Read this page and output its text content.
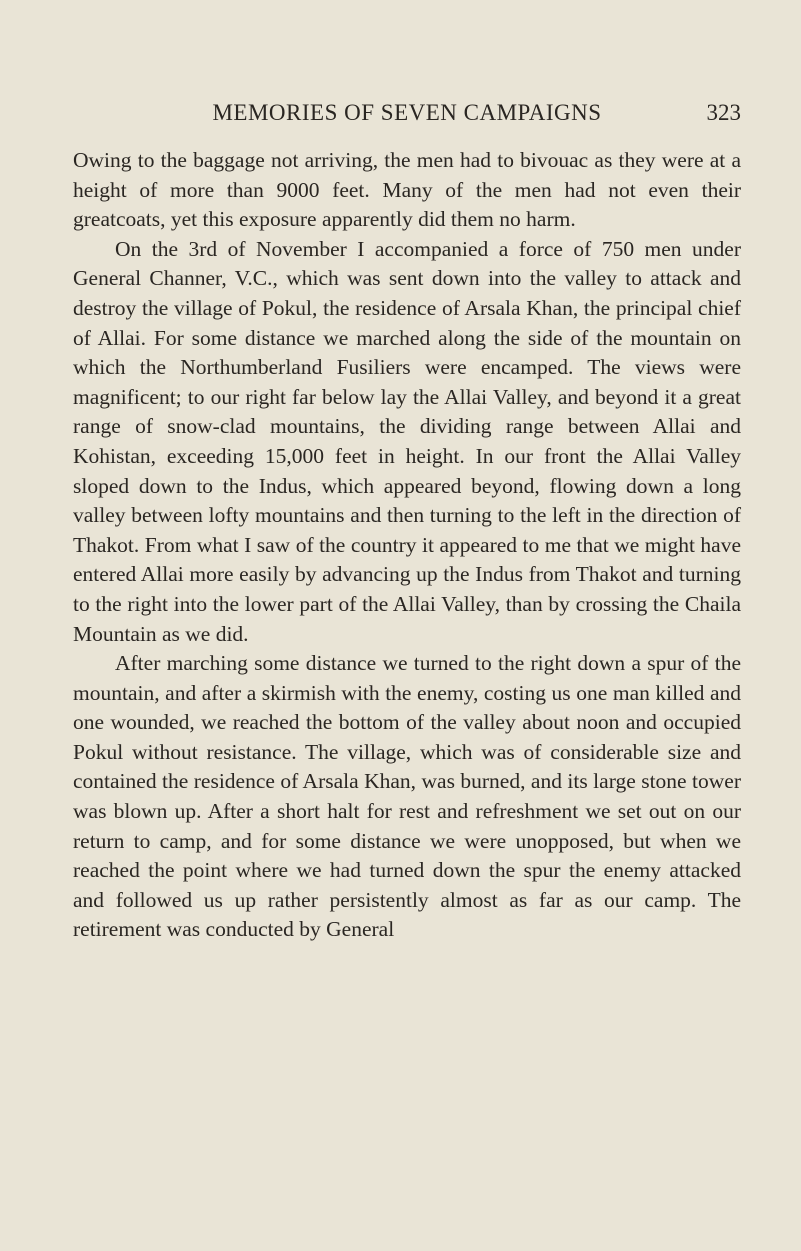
MEMORIES OF SEVEN CAMPAIGNS	323

Owing to the baggage not arriving, the men had to bivouac as they were at a height of more than 9000 feet. Many of the men had not even their greatcoats, yet this exposure apparently did them no harm.

On the 3rd of November I accompanied a force of 750 men under General Channer, V.C., which was sent down into the valley to attack and destroy the village of Pokul, the residence of Arsala Khan, the principal chief of Allai. For some distance we marched along the side of the mountain on which the Northumberland Fusiliers were encamped. The views were magnificent; to our right far below lay the Allai Valley, and beyond it a great range of snow-clad mountains, the dividing range between Allai and Kohistan, exceeding 15,000 feet in height. In our front the Allai Valley sloped down to the Indus, which appeared beyond, flowing down a long valley between lofty mountains and then turning to the left in the direction of Thakot. From what I saw of the country it appeared to me that we might have entered Allai more easily by advancing up the Indus from Thakot and turning to the right into the lower part of the Allai Valley, than by crossing the Chaila Mountain as we did.

After marching some distance we turned to the right down a spur of the mountain, and after a skirmish with the enemy, costing us one man killed and one wounded, we reached the bottom of the valley about noon and occupied Pokul without resistance. The village, which was of considerable size and contained the residence of Arsala Khan, was burned, and its large stone tower was blown up. After a short halt for rest and refreshment we set out on our return to camp, and for some distance we were unopposed, but when we reached the point where we had turned down the spur the enemy attacked and followed us up rather persistently almost as far as our camp. The retirement was conducted by General
